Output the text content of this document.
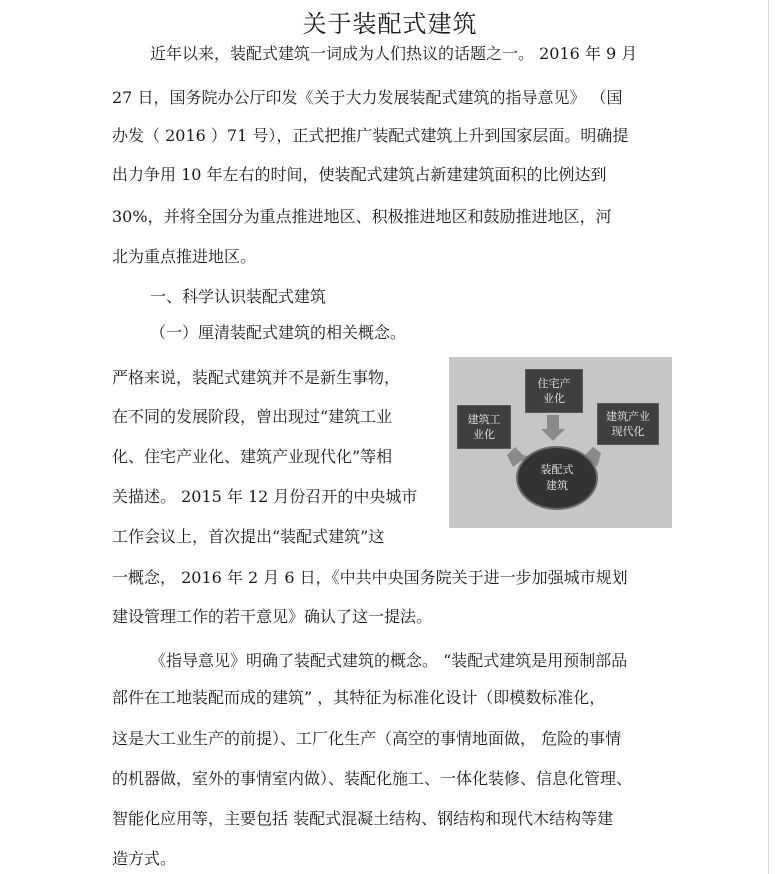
关于装配式建筑
近年以来，装配式建筑一词成为人们热议的话题之一。 2016 年 9 月
27 日，国务院办公厅印发《关于大力发展装配式建筑的指导意见》 （国
办发（ 2016 ）71 号），正式把推广装配式建筑上升到国家层面。明确提
出力争用 10 年左右的时间，使装配式建筑占新建建筑面积的比例达到
30%，并将全国分为重点推进地区、积极推进地区和鼓励推进地区，河
北为重点推进地区。
一、科学认识装配式建筑
（一）厘清装配式建筑的相关概念。
严格来说，装配式建筑并不是新生事物，
在不同的发展阶段，曾出现过“建筑工业
化、住宅产业化、建筑产业现代化”等相
关描述。 2015 年 12 月份召开的中央城市
工作会议上，首次提出“装配式建筑”这
一概念， 2016 年 2 月 6 日，《中共中央国务院关于进一步加强城市规划
建设管理工作的若干意见》确认了这一提法。
《指导意见》明确了装配式建筑的概念。 “装配式建筑是用预制部品
部件在工地装配而成的建筑” ，其特征为标准化设计（即模数标准化，
这是大工业生产的前提）、工厂化生产（高空的事情地面做， 危险的事情
的机器做，室外的事情室内做）、装配化施工、一体化装修、信息化管理、
智能化应用等，主要包括 装配式混凝土结构、钢结构和现代木结构等建
造方式。
住宅产
业化
建筑工
业化
建筑产业
现代化
装配式
建筑
